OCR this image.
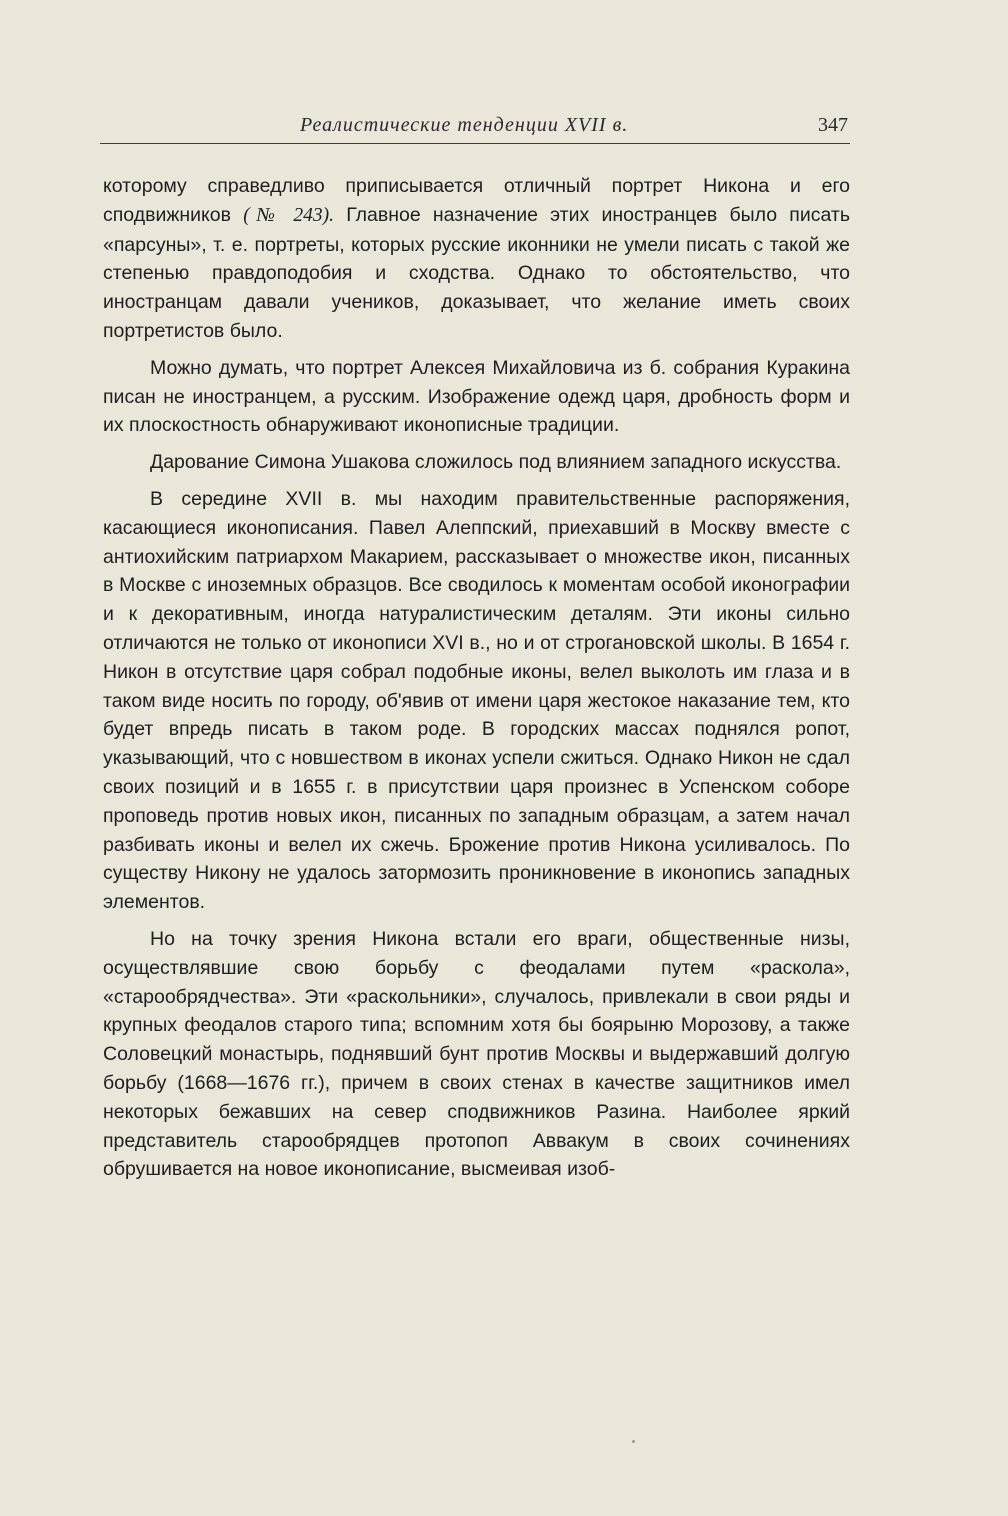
Реалистические тенденции XVII в.	347

которому справедливо приписывается отличный портрет Никона и его сподвижников (№ 243). Главное назначение этих иностранцев было писать «парсуны», т. е. портреты, которых русские иконники не умели писать с такой же степенью правдоподобия и сходства. Однако то обстоятельство, что иностранцам давали учеников, доказывает, что желание иметь своих портретистов было.

Можно думать, что портрет Алексея Михайловича из б. собрания Куракина писан не иностранцем, а русским. Изображение одежд царя, дробность форм и их плоскостность обнаруживают иконописные традиции.

Дарование Симона Ушакова сложилось под влиянием западного искусства.

В середине XVII в. мы находим правительственные распоряжения, касающиеся иконописания. Павел Алеппский, приехавший в Москву вместе с антиохийским патриархом Макарием, рассказывает о множестве икон, писанных в Москве с иноземных образцов. Все сводилось к моментам особой иконографии и к декоративным, иногда натуралистическим деталям. Эти иконы сильно отличаются не только от иконописи XVI в., но и от строгановской школы. В 1654 г. Никон в отсутствие царя собрал подобные иконы, велел выколоть им глаза и в таком виде носить по городу, об'явив от имени царя жестокое наказание тем, кто будет впредь писать в таком роде. В городских массах поднялся ропот, указывающий, что с новшеством в иконах успели сжиться. Однако Никон не сдал своих позиций и в 1655 г. в присутствии царя произнес в Успенском соборе проповедь против новых икон, писанных по западным образцам, а затем начал разбивать иконы и велел их сжечь. Брожение против Никона усиливалось. По существу Никону не удалось затормозить проникновение в иконопись западных элементов.

Но на точку зрения Никона встали его враги, общественные низы, осуществлявшие свою борьбу с феодалами путем «раскола», «старообрядчества». Эти «раскольники», случалось, привлекали в свои ряды и крупных феодалов старого типа; вспомним хотя бы боярыню Морозову, а также Соловецкий монастырь, поднявший бунт против Москвы и выдержавший долгую борьбу (1668—1676 гг.), причем в своих стенах в качестве защитников имел некоторых бежавших на север сподвижников Разина. Наиболее яркий представитель старообрядцев протопоп Аввакум в своих сочинениях обрушивается на новое иконописание, высмеивая изоб-
